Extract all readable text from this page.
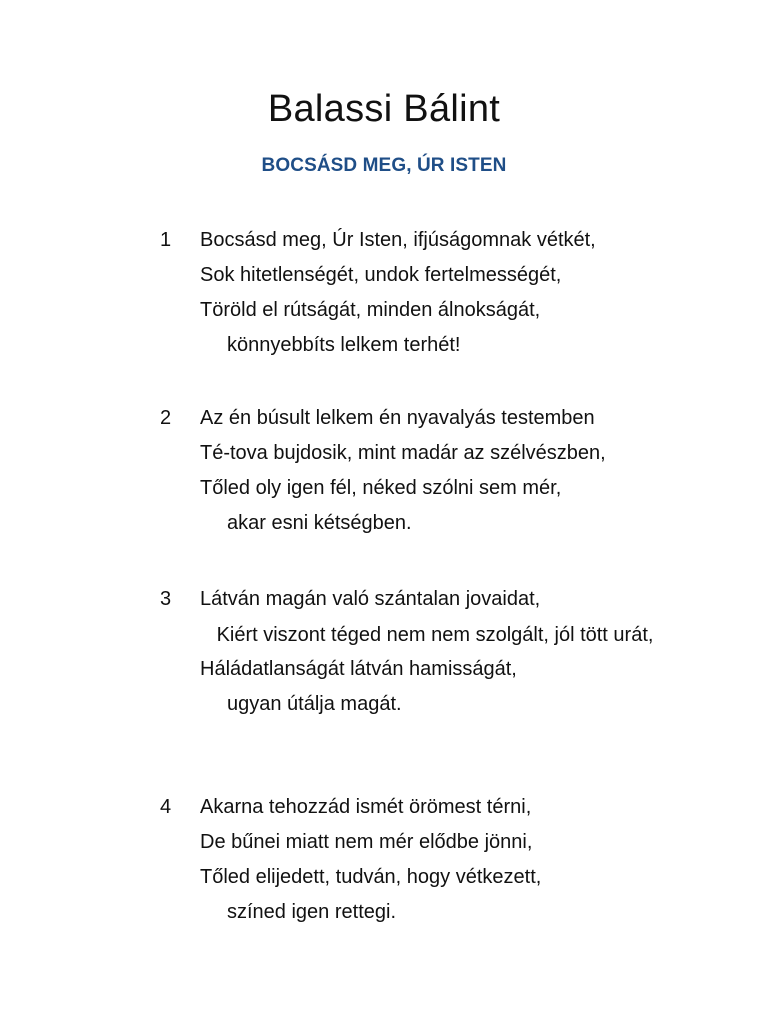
Balassi Bálint
BOCSÁSD MEG, ÚR ISTEN
1	Bocsásd meg, Úr Isten, ifjúságomnak vétkét,
Sok hitetlenségét, undok fertelmességét,
Töröld el rútságát, minden álnokságát,
könnyebbíts lelkem terhét!
2	Az én búsult lelkem én nyavalyás testemben
Té-tova bujdosik, mint madár az szélvészben,
Tőled oly igen fél, néked szólni sem mér,
akar esni kétségben.
3	Látván magán való szántalan jovaidat,
Kiért viszont téged nem nem szolgált, jól tött urát,
Háládatlanságát látván hamisságát,
ugyan útálja magát.
4	Akarna tehozzád ismét örömest térni,
De bűnei miatt nem mér elődbe jönni,
Tőled elijedett, tudván, hogy vétkezett,
színed igen rettegi.
